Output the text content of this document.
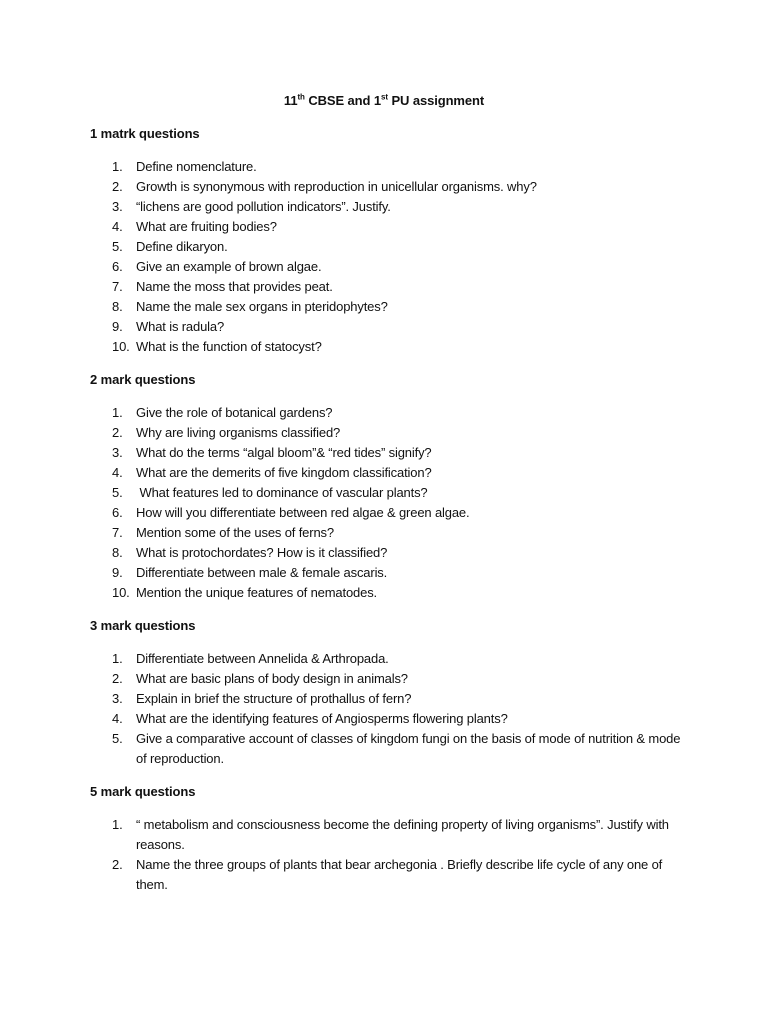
11th CBSE and 1st PU assignment
1 matrk questions
1. Define nomenclature.
2. Growth is synonymous with reproduction in unicellular organisms. why?
3. “lichens are good pollution indicators”. Justify.
4. What are fruiting bodies?
5. Define dikaryon.
6. Give an example of brown algae.
7. Name the moss that provides peat.
8. Name the male sex organs in pteridophytes?
9. What is radula?
10. What is the function of statocyst?
2 mark questions
1. Give the role of botanical gardens?
2. Why are living organisms classified?
3. What do the terms “algal bloom”& “red tides” signify?
4. What are the demerits of five kingdom classification?
5. What features led to dominance of vascular plants?
6. How will you differentiate between red algae & green algae.
7. Mention some of the uses of ferns?
8. What is protochordates? How is it classified?
9. Differentiate between male & female ascaris.
10. Mention the unique features of nematodes.
3 mark questions
1. Differentiate between Annelida & Arthropada.
2. What are basic plans of body design in animals?
3. Explain in brief the structure of prothallus of fern?
4. What are the identifying features of Angiosperms flowering plants?
5. Give a comparative account of classes of kingdom fungi on the basis of mode of nutrition & mode of reproduction.
5 mark questions
1. “ metabolism and consciousness become the defining property of living organisms”. Justify with reasons.
2. Name the three groups of plants that bear archegonia . Briefly describe life cycle of any one of them.
